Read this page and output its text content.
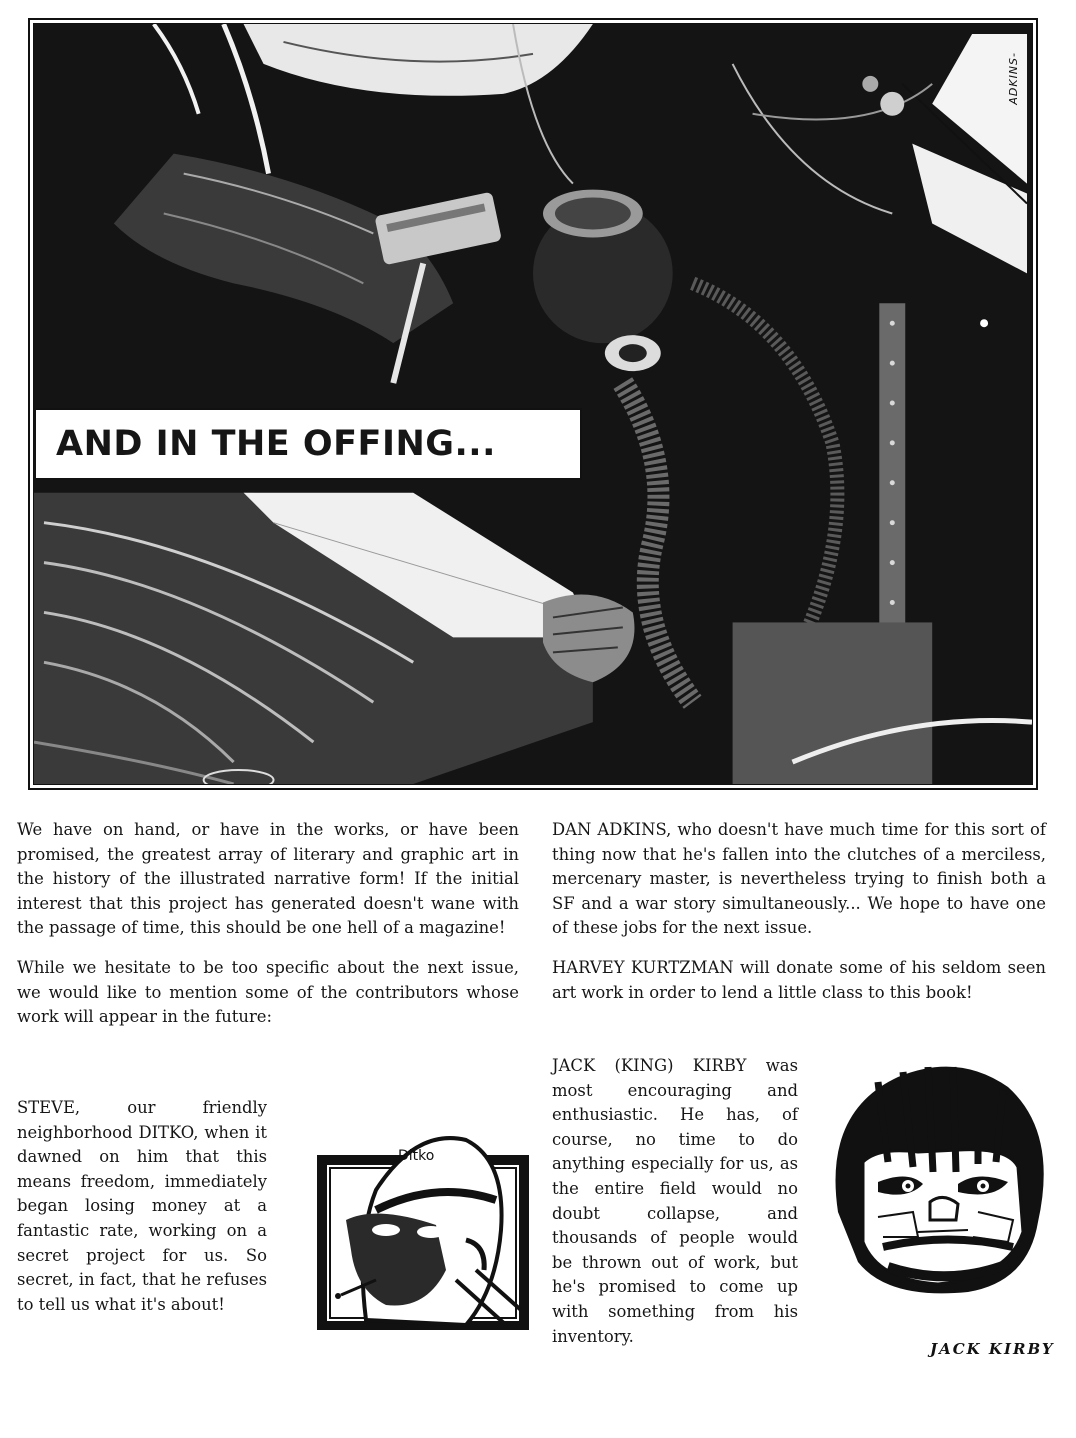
ADKINS-
AND IN THE OFFING...

We have on hand, or have in the works, or have been promised, the greatest array of literary and graphic art in the history of the illustrated narrative form! If the initial interest that this project has generated doesn't wane with the passage of time, this should be one hell of a magazine!

While we hesitate to be too specific about the next issue, we would like to mention some of the contributors whose work will appear in the future:

STEVE, our friendly neighborhood DITKO, when it dawned on him that this means freedom, immediately began losing money at a fantastic rate, working on a secret project for us. So secret, in fact, that he refuses to tell us what it's about!

Ditko

DAN ADKINS, who doesn't have much time for this sort of thing now that he's fallen into the clutches of a merciless, mercenary master, is nevertheless trying to finish both a SF and a war story simultaneously... We hope to have one of these jobs for the next issue.

HARVEY KURTZMAN will donate some of his seldom seen art work in order to lend a little class to this book!

JACK (KING) KIRBY was most encouraging and enthusiastic. He has, of course, no time to do anything especially for us, as the entire field would no doubt collapse, and thousands of people would be thrown out of work, but he's promised to come up with something from his inventory.

JACK KIRBY
